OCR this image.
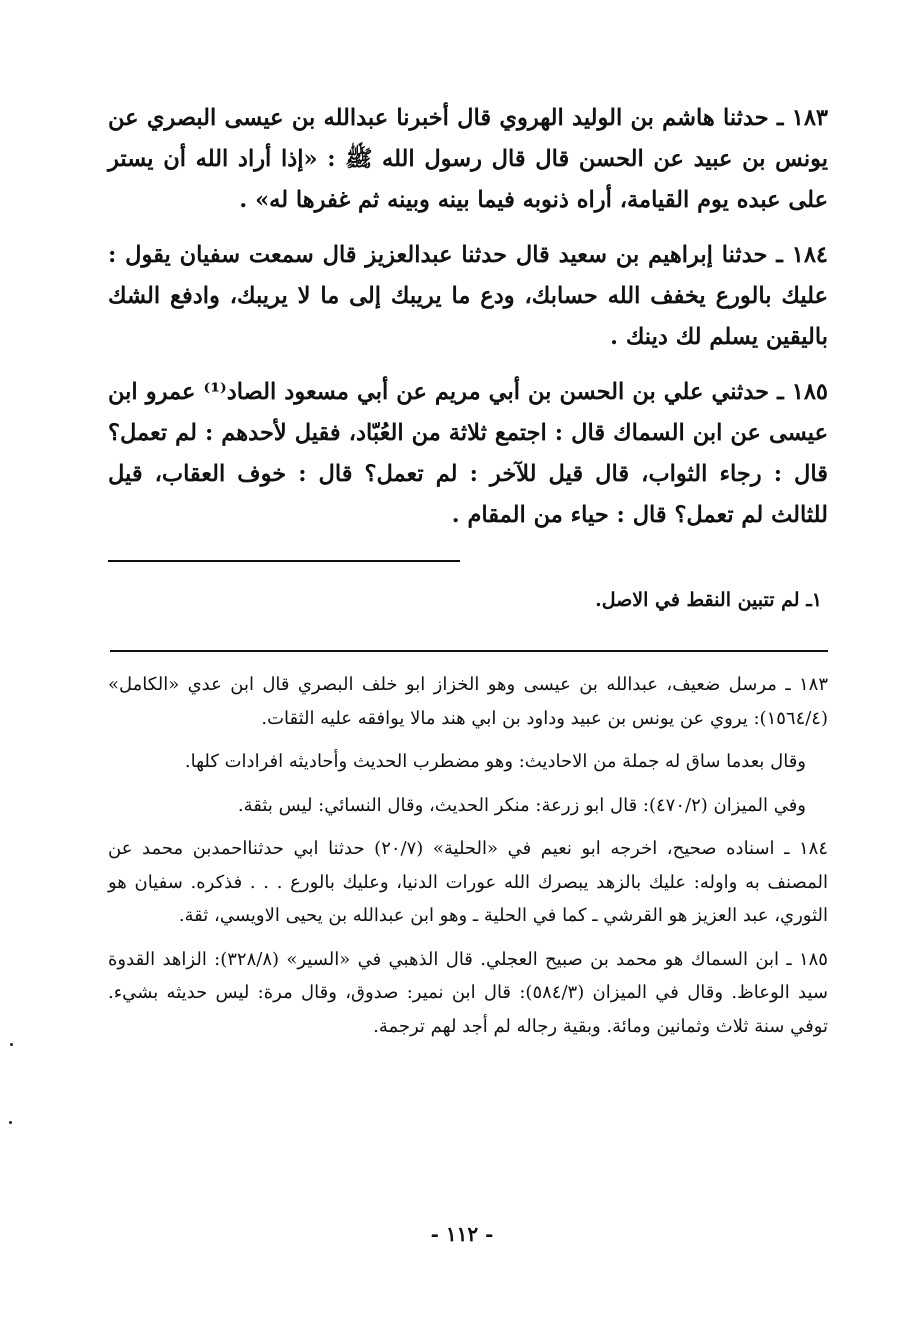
١٨٣ ـ حدثنا هاشم بن الوليد الهروي قال أخبرنا عبدالله بن عيسى البصري عن يونس بن عبيد عن الحسن قال قال رسول الله ﷺ : «إذا أراد الله أن يستر على عبده يوم القيامة، أراه ذنوبه فيما بينه وبينه ثم غفرها له» .

١٨٤ ـ حدثنا إبراهيم بن سعيد قال حدثنا عبدالعزيز قال سمعت سفيان يقول : عليك بالورع يخفف الله حسابك، ودع ما يريبك إلى ما لا يريبك، وادفع الشك باليقين يسلم لك دينك .

١٨٥ ـ حدثني علي بن الحسن بن أبي مريم عن أبي مسعود الصاد⁽¹⁾ عمرو ابن عيسى عن ابن السماك قال : اجتمع ثلاثة من العُبّاد، فقيل لأحدهم : لم تعمل؟ قال : رجاء الثواب، قال قيل للآخر : لم تعمل؟ قال : خوف العقاب، قيل للثالث لم تعمل؟ قال : حياء من المقام .

١ـ لم تتبين النقط في الاصل.

١٨٣ ـ مرسل ضعيف، عبدالله بن عيسى وهو الخزاز ابو خلف البصري قال ابن عدي «الكامل» (١٥٦٤/٤): يروي عن يونس بن عبيد وداود بن ابي هند مالا يوافقه عليه الثقات.

وقال بعدما ساق له جملة من الاحاديث: وهو مضطرب الحديث وأحاديثه افرادات كلها.

وفي الميزان (٤٧٠/٢): قال ابو زرعة: منكر الحديث، وقال النسائي: ليس بثقة.

١٨٤ ـ اسناده صحيح، اخرجه ابو نعيم في «الحلية» (٢٠/٧) حدثنا ابي حدثنااحمدبن محمد عن المصنف به واوله: عليك بالزهد يبصرك الله عورات الدنيا، وعليك بالورع . . . فذكره. سفيان هو الثوري، عبد العزيز هو القرشي ـ كما في الحلية ـ وهو ابن عبدالله بن يحيى الاويسي، ثقة.

١٨٥ ـ ابن السماك هو محمد بن صبيح العجلي. قال الذهبي في «السير» (٣٢٨/٨): الزاهد القدوة سيد الوعاظ. وقال في الميزان (٥٨٤/٣): قال ابن نمير: صدوق، وقال مرة: ليس حديثه بشيء. توفي سنة ثلاث وثمانين ومائة. وبقية رجاله لم أجد لهم ترجمة.

- ١١٢ -
